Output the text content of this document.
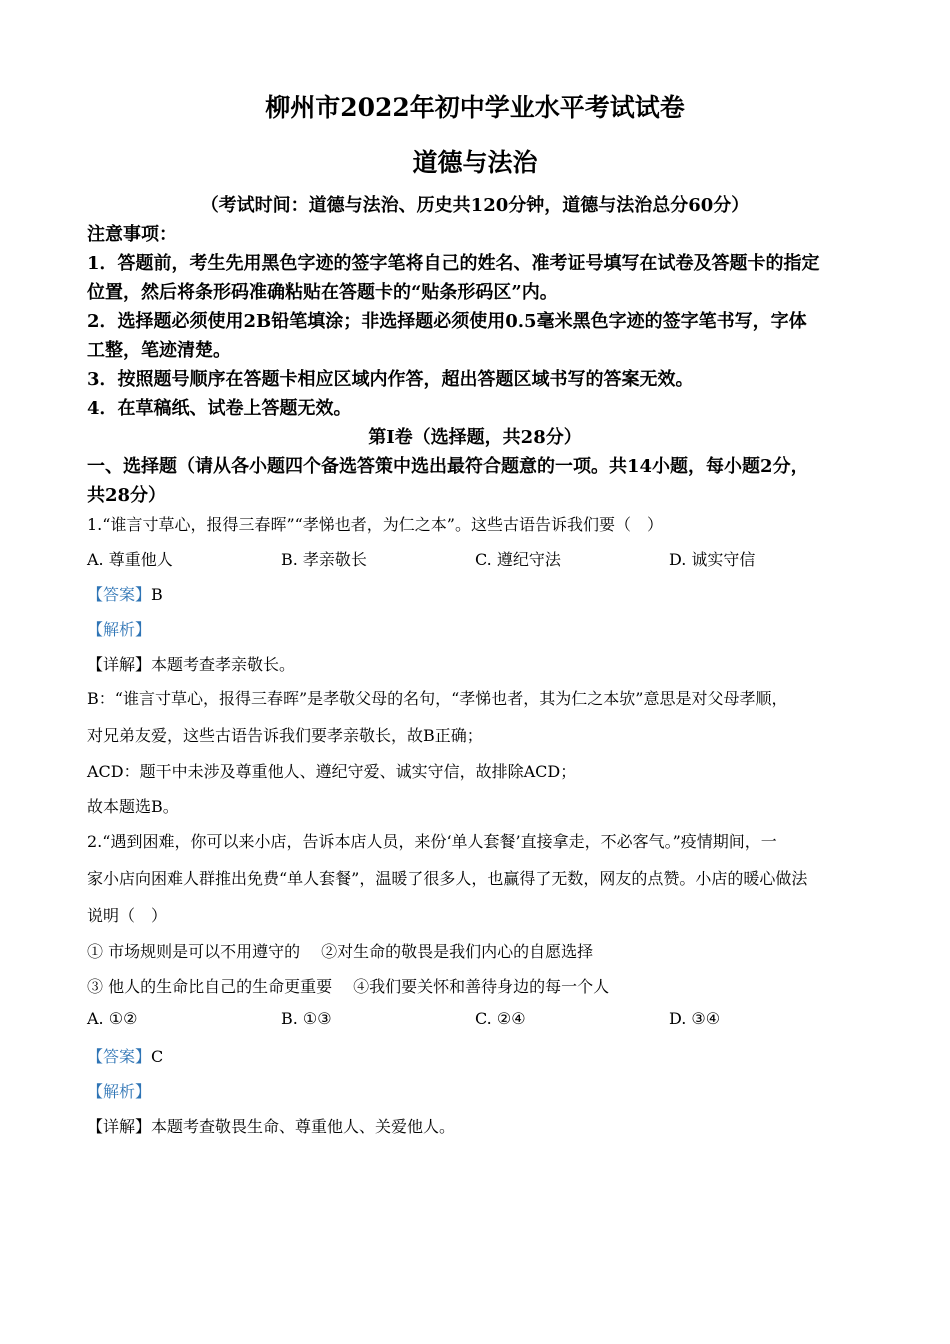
柳州市2022年初中学业水平考试试卷
道德与法治
（考试时间：道德与法治、历史共120分钟，道德与法治总分60分）
注意事项：
1．答题前，考生先用黑色字迹的签字笔将自己的姓名、准考证号填写在试卷及答题卡的指定
位置，然后将条形码准确粘贴在答题卡的“贴条形码区”内。
2．选择题必须使用2B铅笔填涂；非选择题必须使用0.5毫米黑色字迹的签字笔书写，字体
工整，笔迹清楚。
3．按照题号顺序在答题卡相应区域内作答，超出答题区域书写的答案无效。
4．在草稿纸、试卷上答题无效。
第Ⅰ卷（选择题，共28分）
一、选择题（请从各小题四个备选答策中选出最符合题意的一项。共14小题，每小题2分，
共28分）
1.“谁言寸草心，报得三春晖”“孝悌也者，为仁之本”。这些古语告诉我们要（　）
A. 尊重他人	B. 孝亲敬长	C. 遵纪守法	D. 诚实守信
【答案】B
【解析】
【详解】本题考查孝亲敬长。
B：“谁言寸草心，报得三春晖”是孝敬父母的名句，“孝悌也者，其为仁之本欤”意思是对父母孝顺，
对兄弟友爱，这些古语告诉我们要孝亲敬长，故B正确；
ACD：题干中未涉及尊重他人、遵纪守爱、诚实守信，故排除ACD；
故本题选B。
2.“遇到困难，你可以来小店，告诉本店人员，来份‘单人套餐’直接拿走，不必客气。”疫情期间，一
家小店向困难人群推出免费“单人套餐”，温暖了很多人，也赢得了无数，网友的点赞。小店的暖心做法
说明（　）
① 市场规则是可以不用遵守的　 ②对生命的敬畏是我们内心的自愿选择
③ 他人的生命比自己的生命更重要　 ④我们要关怀和善待身边的每一个人
A. ①②	B. ①③	C. ②④	D. ③④
【答案】C
【解析】
【详解】本题考查敬畏生命、尊重他人、关爱他人。
